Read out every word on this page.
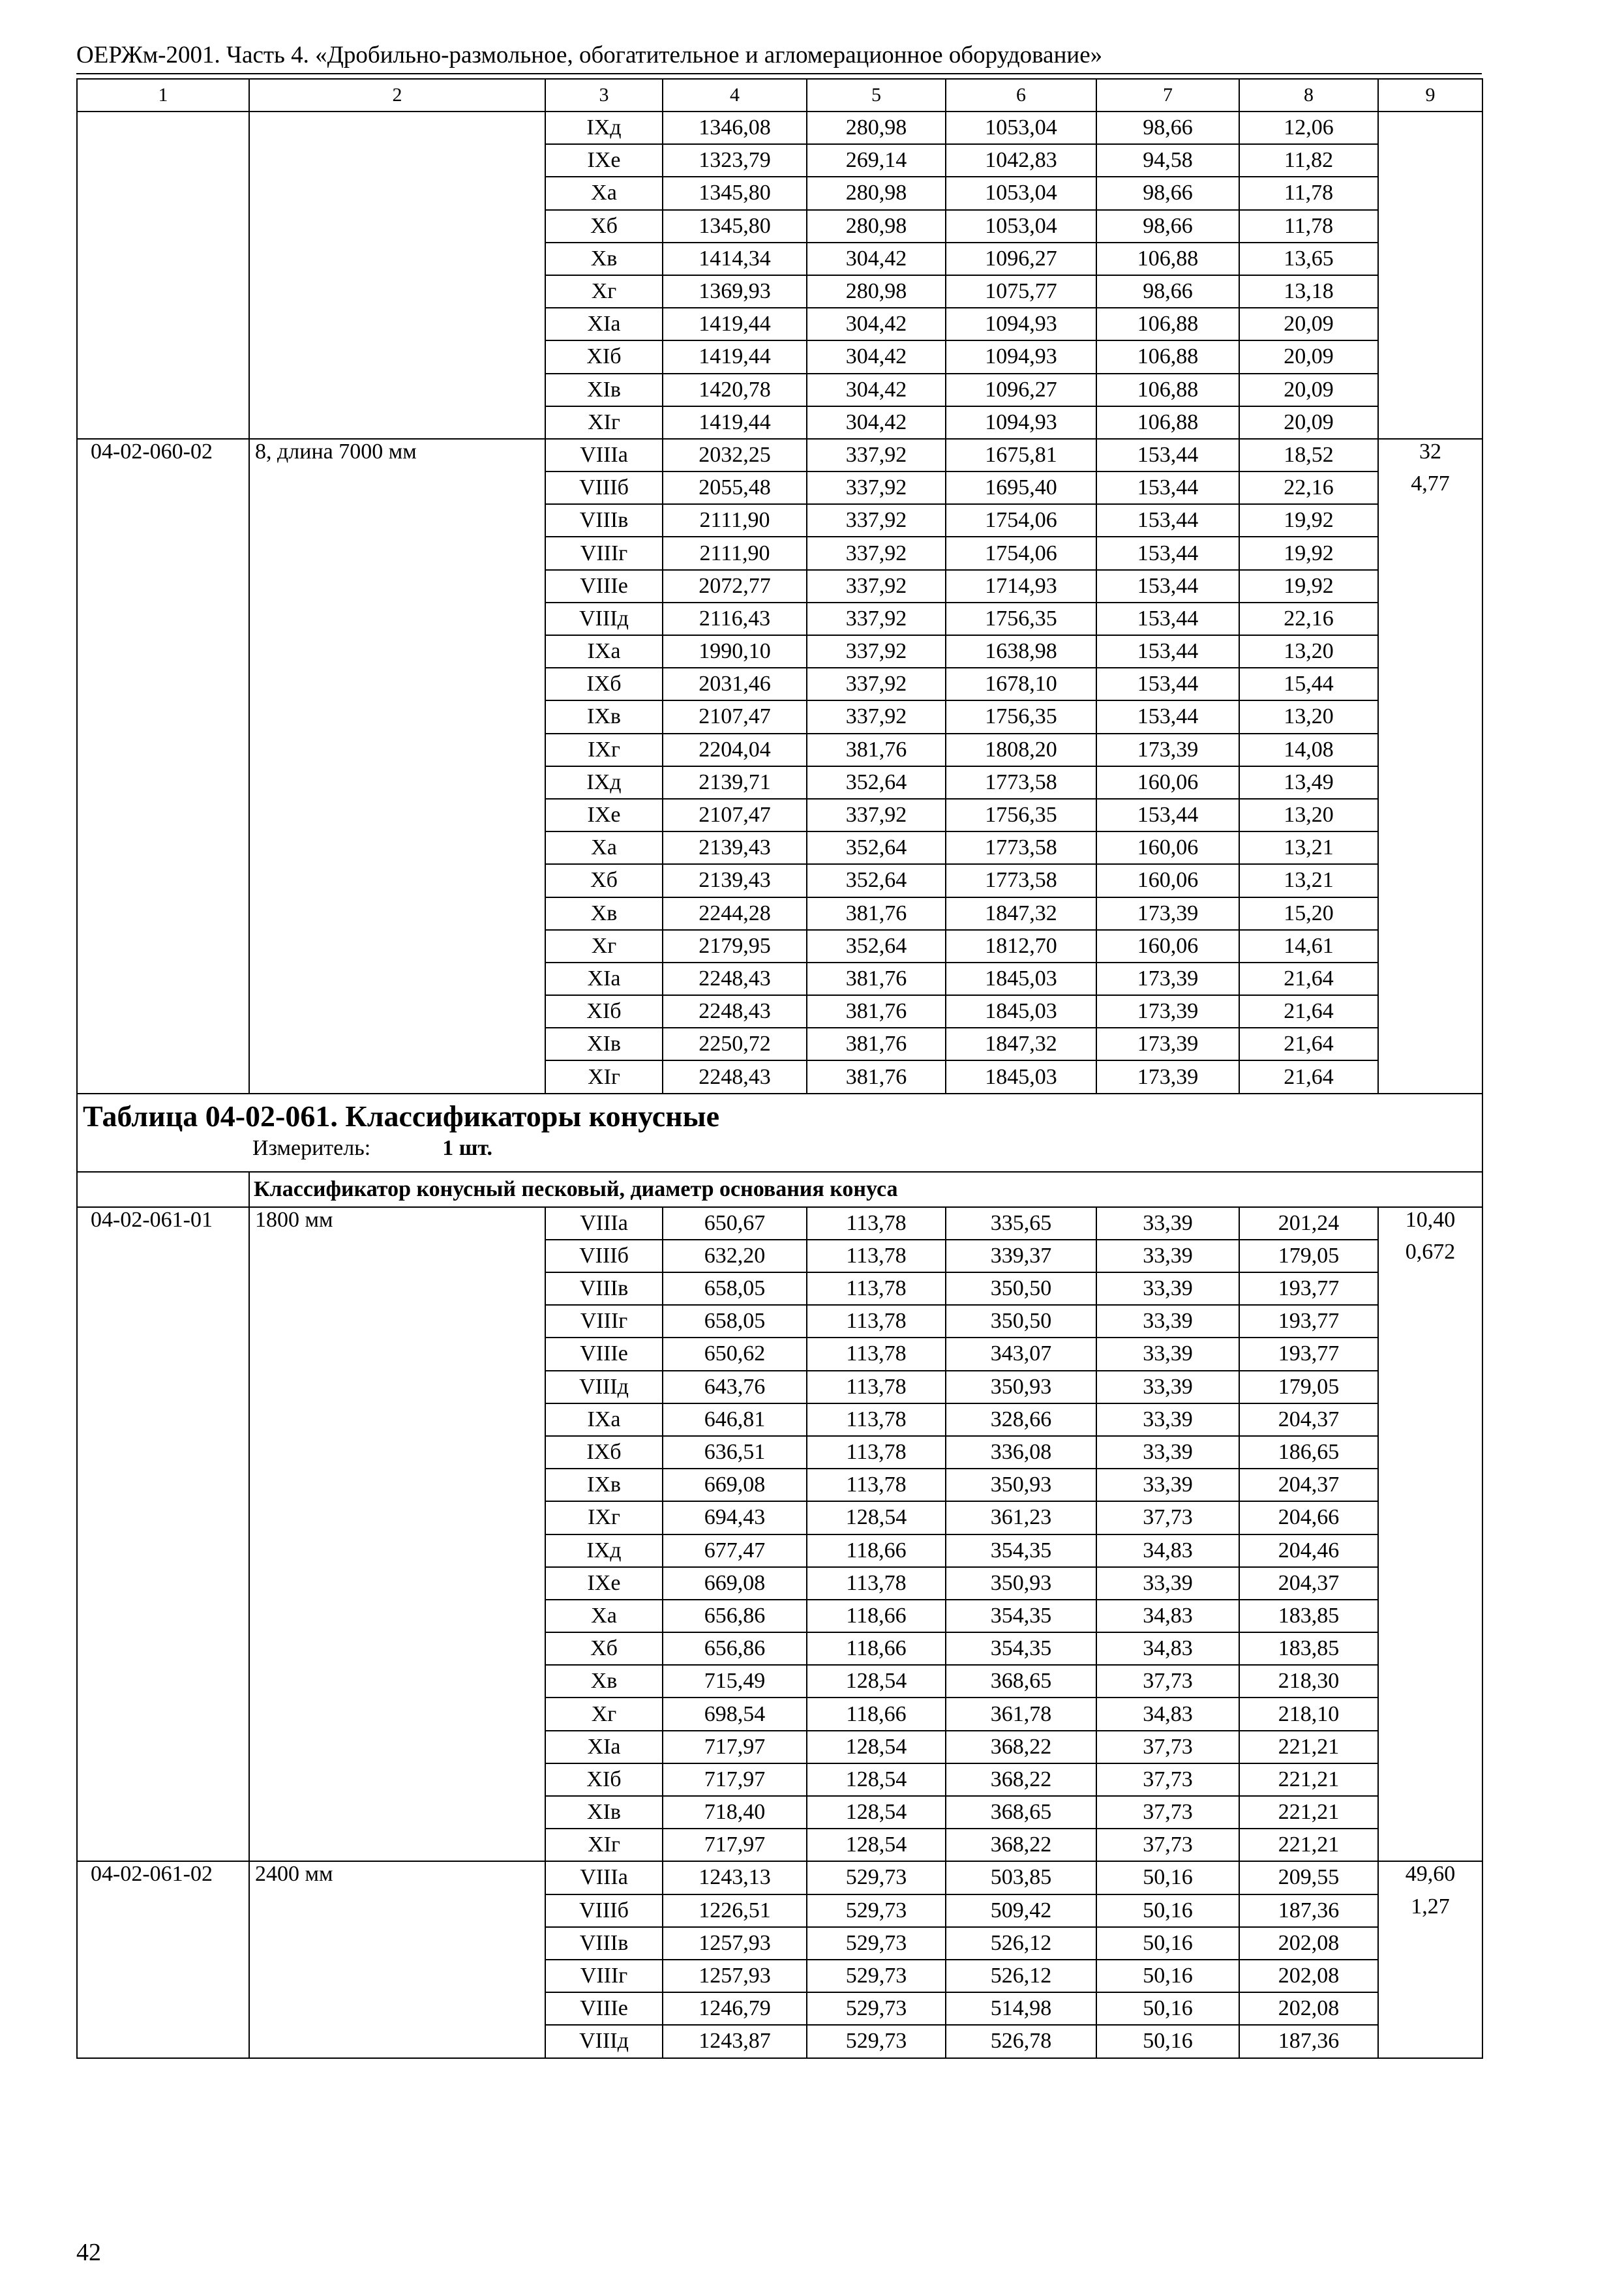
ОЕРЖм-2001. Часть 4. «Дробильно-размольное, обогатительное и агломерационное оборудование»
1	2	3	4	5	6	7	8	9
		IXд	1346,08	280,98	1053,04	98,66	12,06	
		IXе	1323,79	269,14	1042,83	94,58	11,82	
		Xа	1345,80	280,98	1053,04	98,66	11,78	
		Xб	1345,80	280,98	1053,04	98,66	11,78	
		Xв	1414,34	304,42	1096,27	106,88	13,65	
		Xг	1369,93	280,98	1075,77	98,66	13,18	
		XIа	1419,44	304,42	1094,93	106,88	20,09	
		XIб	1419,44	304,42	1094,93	106,88	20,09	
		XIв	1420,78	304,42	1096,27	106,88	20,09	
		XIг	1419,44	304,42	1094,93	106,88	20,09	
04-02-060-02	8, длина 7000 мм	VIIIа	2032,25	337,92	1675,81	153,44	18,52	32
		VIIIб	2055,48	337,92	1695,40	153,44	22,16	4,77
		VIIIв	2111,90	337,92	1754,06	153,44	19,92	
		VIIIг	2111,90	337,92	1754,06	153,44	19,92	
		VIIIе	2072,77	337,92	1714,93	153,44	19,92	
		VIIIд	2116,43	337,92	1756,35	153,44	22,16	
		IXа	1990,10	337,92	1638,98	153,44	13,20	
		IXб	2031,46	337,92	1678,10	153,44	15,44	
		IXв	2107,47	337,92	1756,35	153,44	13,20	
		IXг	2204,04	381,76	1808,20	173,39	14,08	
		IXд	2139,71	352,64	1773,58	160,06	13,49	
		IXе	2107,47	337,92	1756,35	153,44	13,20	
		Xа	2139,43	352,64	1773,58	160,06	13,21	
		Xб	2139,43	352,64	1773,58	160,06	13,21	
		Xв	2244,28	381,76	1847,32	173,39	15,20	
		Xг	2179,95	352,64	1812,70	160,06	14,61	
		XIа	2248,43	381,76	1845,03	173,39	21,64	
		XIб	2248,43	381,76	1845,03	173,39	21,64	
		XIв	2250,72	381,76	1847,32	173,39	21,64	
		XIг	2248,43	381,76	1845,03	173,39	21,64	

Таблица 04-02-061. Классификаторы конусные
Измеритель: 1 шт.								

	Классификатор конусный песковый, диаметр основания конуса							
04-02-061-01	1800 мм	VIIIа	650,67	113,78	335,65	33,39	201,24	10,40
		VIIIб	632,20	113,78	339,37	33,39	179,05	0,672
		VIIIв	658,05	113,78	350,50	33,39	193,77	
		VIIIг	658,05	113,78	350,50	33,39	193,77	
		VIIIе	650,62	113,78	343,07	33,39	193,77	
		VIIIд	643,76	113,78	350,93	33,39	179,05	
		IXа	646,81	113,78	328,66	33,39	204,37	
		IXб	636,51	113,78	336,08	33,39	186,65	
		IXв	669,08	113,78	350,93	33,39	204,37	
		IXг	694,43	128,54	361,23	37,73	204,66	
		IXд	677,47	118,66	354,35	34,83	204,46	
		IXе	669,08	113,78	350,93	33,39	204,37	
		Xа	656,86	118,66	354,35	34,83	183,85	
		Xб	656,86	118,66	354,35	34,83	183,85	
		Xв	715,49	128,54	368,65	37,73	218,30	
		Xг	698,54	118,66	361,78	34,83	218,10	
		XIа	717,97	128,54	368,22	37,73	221,21	
		XIб	717,97	128,54	368,22	37,73	221,21	
		XIв	718,40	128,54	368,65	37,73	221,21	
		XIг	717,97	128,54	368,22	37,73	221,21	
04-02-061-02	2400 мм	VIIIа	1243,13	529,73	503,85	50,16	209,55	49,60
		VIIIб	1226,51	529,73	509,42	50,16	187,36	1,27
		VIIIв	1257,93	529,73	526,12	50,16	202,08	
		VIIIг	1257,93	529,73	526,12	50,16	202,08	
		VIIIе	1246,79	529,73	514,98	50,16	202,08	
		VIIIд	1243,87	529,73	526,78	50,16	187,36	
42
